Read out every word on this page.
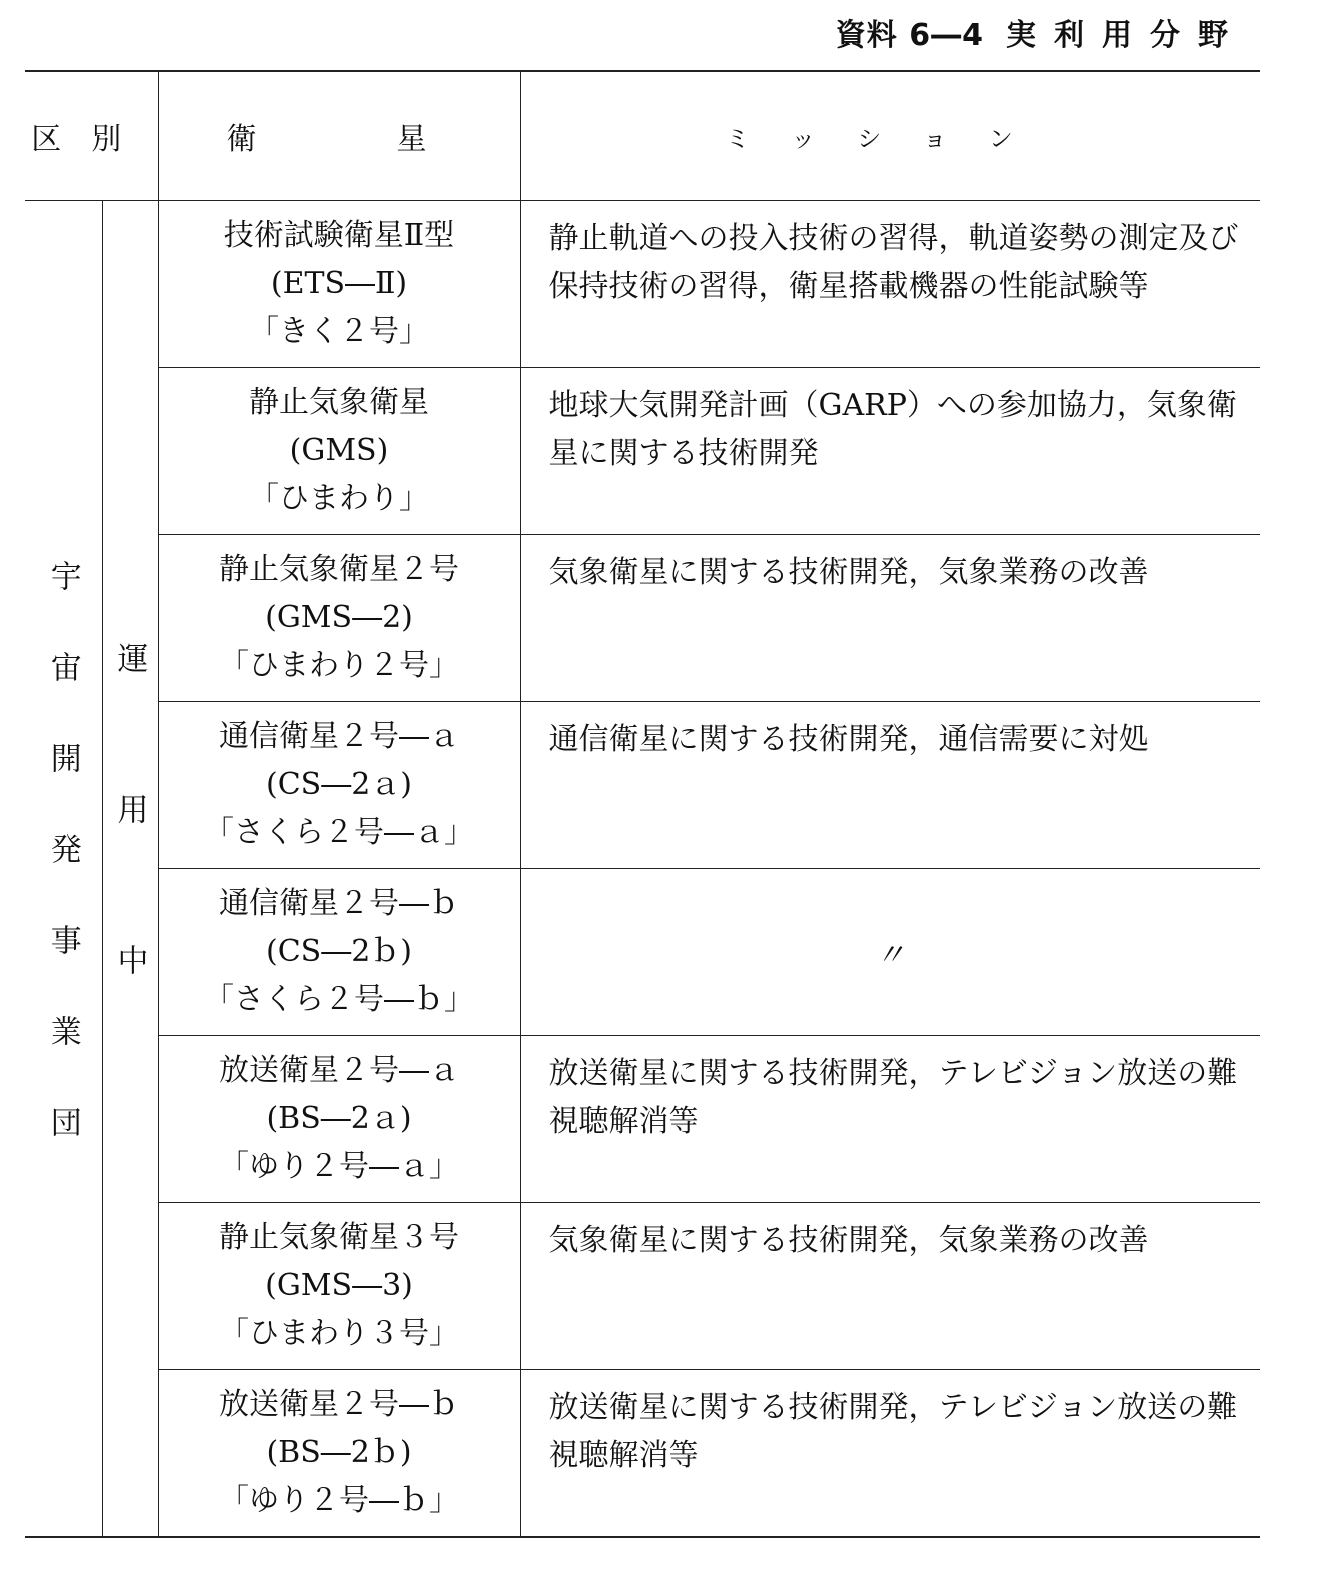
資料 6―4 実利用分野
区別		衛 星	ミッション

宇宙開発事業団	運用中	技術試験衛星Ⅱ型
(ETS―Ⅱ)
「きく２号」	静止軌道への投入技術の習得，軌道姿勢の測定及び保持技術の習得，衛星搭載機器の性能試験等

		静止気象衛星
(GMS)
「ひまわり」	地球大気開発計画（GARP）への参加協力，気象衛星に関する技術開発

		静止気象衛星２号
(GMS―2)
「ひまわり２号」	気象衛星に関する技術開発，気象業務の改善

		通信衛星２号―ａ
(CS―2ａ)
「さくら２号―ａ」	通信衛星に関する技術開発，通信需要に対処

		通信衛星２号―ｂ
(CS―2ｂ)
「さくら２号―ｂ」	〃

		放送衛星２号―ａ
(BS―2ａ)
「ゆり２号―ａ」	放送衛星に関する技術開発，テレビジョン放送の難視聴解消等

		静止気象衛星３号
(GMS―3)
「ひまわり３号」	気象衛星に関する技術開発，気象業務の改善

		放送衛星２号―ｂ
(BS―2ｂ)
「ゆり２号―ｂ」	放送衛星に関する技術開発，テレビジョン放送の難視聴解消等
